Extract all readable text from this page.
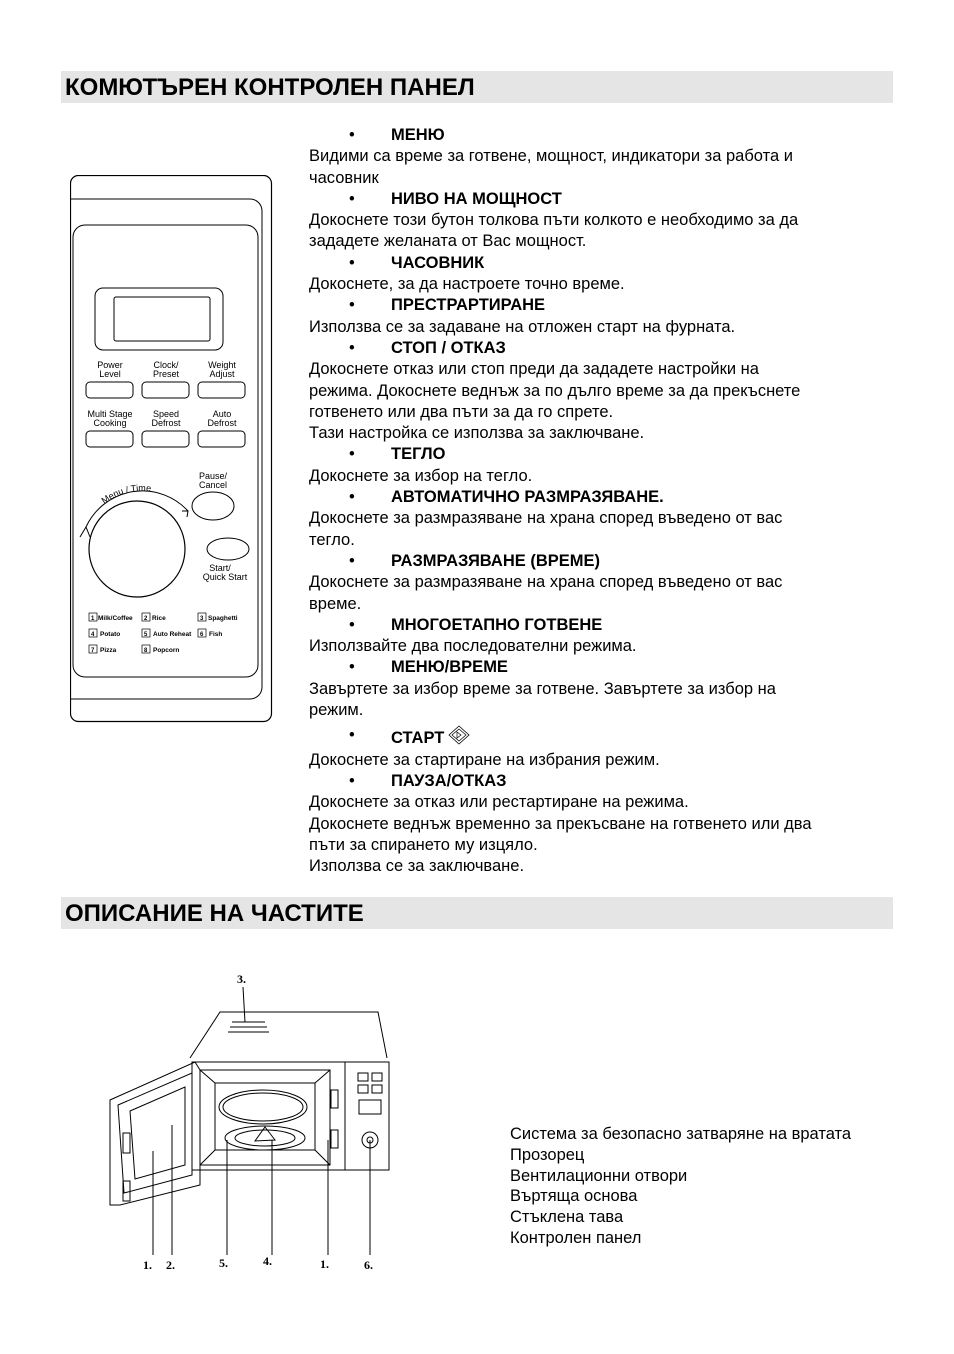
КОМЮТЪРЕН КОНТРОЛЕН ПАНЕЛ
ОПИСАНИЕ НА ЧАСТИТЕ
Power
Level
Clock/
Preset
Weight
Adjust
Multi Stage
Cooking
Speed
Defrost
Auto
Defrost
Pause/
Cancel
Start/
Quick Start
Menu / Time
1 Milk/Coffee 2 Rice	3 Spaghetti
4 Potato	5 Auto Reheat 6 Fish
7 Pizza	8 Popcorn
• МЕНЮ
Видими са време за готвене, мощност, индикатори за работа и
часовник
• НИВО НА МОЩНОСТ
Докоснете този бутон толкова пъти колкото е необходимо за да
зададете желаната от Вас мощност.
• ЧАСОВНИК
Докоснете, за да настроете точно време.
• ПРЕСТРАРТИРАНЕ
Използва се за задаване на отложен старт на фурната.
• СТОП / ОТКАЗ
Докоснете отказ или стоп преди да зададете настройки на
режима. Докоснете веднъж за по дълго време за да прекъснете
готвенето или два пъти за да го спрете.
Тази настройка се използва за заключване.
• ТЕГЛО
Докоснете за избор на тегло.
• АВТОМАТИЧНО РАЗМРАЗЯВАНЕ.
Докоснете за размразяване на храна според въведено от вас
тегло.
• РАЗМРАЗЯВАНЕ (ВРЕМЕ)
Докоснете за размразяване на храна според въведено от вас
време.
• МНОГОЕТАПНО ГОТВЕНЕ
Използвайте два последователни режима.
• МЕНЮ/ВРЕМЕ
Завъртете за избор време за готвене. Завъртете за избор на
режим.
• СТАРТ
Докоснете за стартиране на избрания режим.
• ПАУЗА/ОТКАЗ
Докоснете за отказ или рестартиране на режима.
Докоснете веднъж временно за прекъсване на готвенето или два
пъти за спирането му изцяло.
Използва се за заключване.
3.
1. 2.	5.	4.	1.	6.
Система за безопасно затваряне на вратата
Прозорец
Вентилационни отвори
Въртяща основа
Стъклена тава
Контролен панел
